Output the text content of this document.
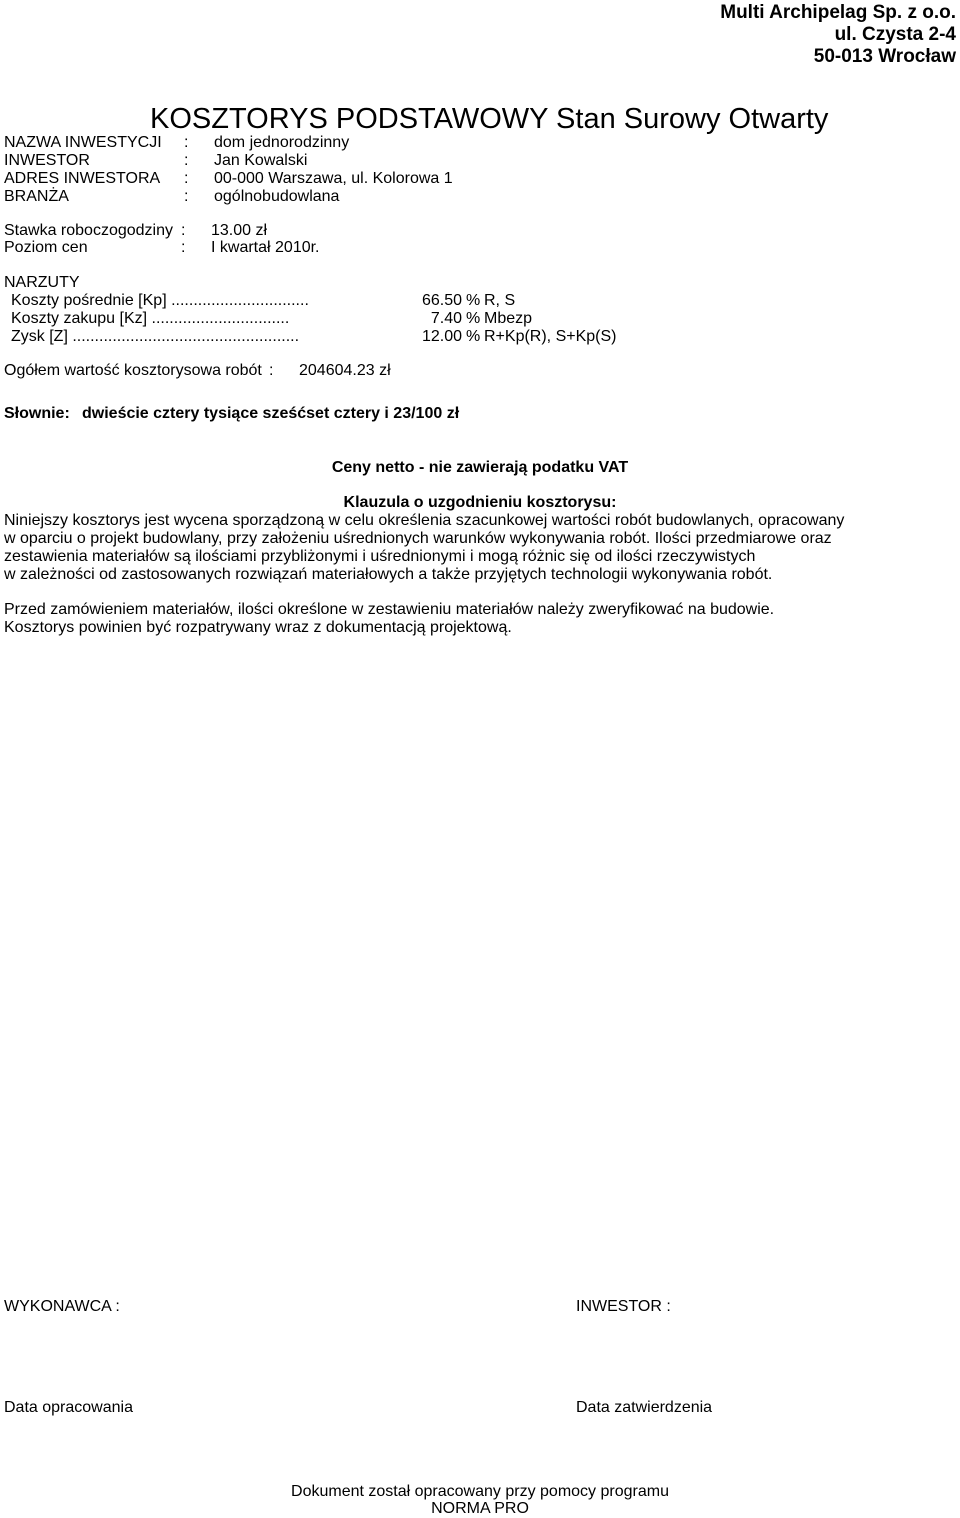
Multi Archipelag Sp. z o.o.
ul. Czysta 2-4
50-013 Wrocław
KOSZTORYS PODSTAWOWY Stan Surowy Otwarty
NAZWA INWESTYCJI : dom jednorodzinny
INWESTOR	: Jan Kowalski
ADRES INWESTORA : 00-000 Warszawa, ul. Kolorowa 1
BRANŻA	: ogólnobudowlana
Stawka roboczogodziny : 13.00 zł
Poziom cen	: I kwartał 2010r.
NARZUTY
Koszty pośrednie [Kp] ...............................	66.50 % R, S
Koszty zakupu [Kz] ...............................	7.40 % Mbezp
Zysk [Z] ...................................................	12.00 % R+Kp(R), S+Kp(S)
Ogółem wartość kosztorysowa robót : 204604.23 zł
Słownie: dwieście cztery tysiące sześćset cztery i 23/100 zł
Ceny netto - nie zawierają podatku VAT
Klauzula o uzgodnieniu kosztorysu:
Niniejszy kosztorys jest wycena sporządzoną w celu określenia szacunkowej wartości robót budowlanych, opracowany
w oparciu o projekt budowlany, przy założeniu uśrednionych warunków wykonywania robót. Ilości przedmiarowe oraz
zestawienia materiałów są ilościami przybliżonymi i uśrednionymi i mogą różnic się od ilości rzeczywistych
w zależności od zastosowanych rozwiązań materiałowych a także przyjętych technologii wykonywania robót.
Przed zamówieniem materiałów, ilości określone w zestawieniu materiałów należy zweryfikować na budowie.
Kosztorys powinien być rozpatrywany wraz z dokumentacją projektową.
WYKONAWCA :	INWESTOR :
Data opracowania	Data zatwierdzenia
Dokument został opracowany przy pomocy programu
NORMA PRO
